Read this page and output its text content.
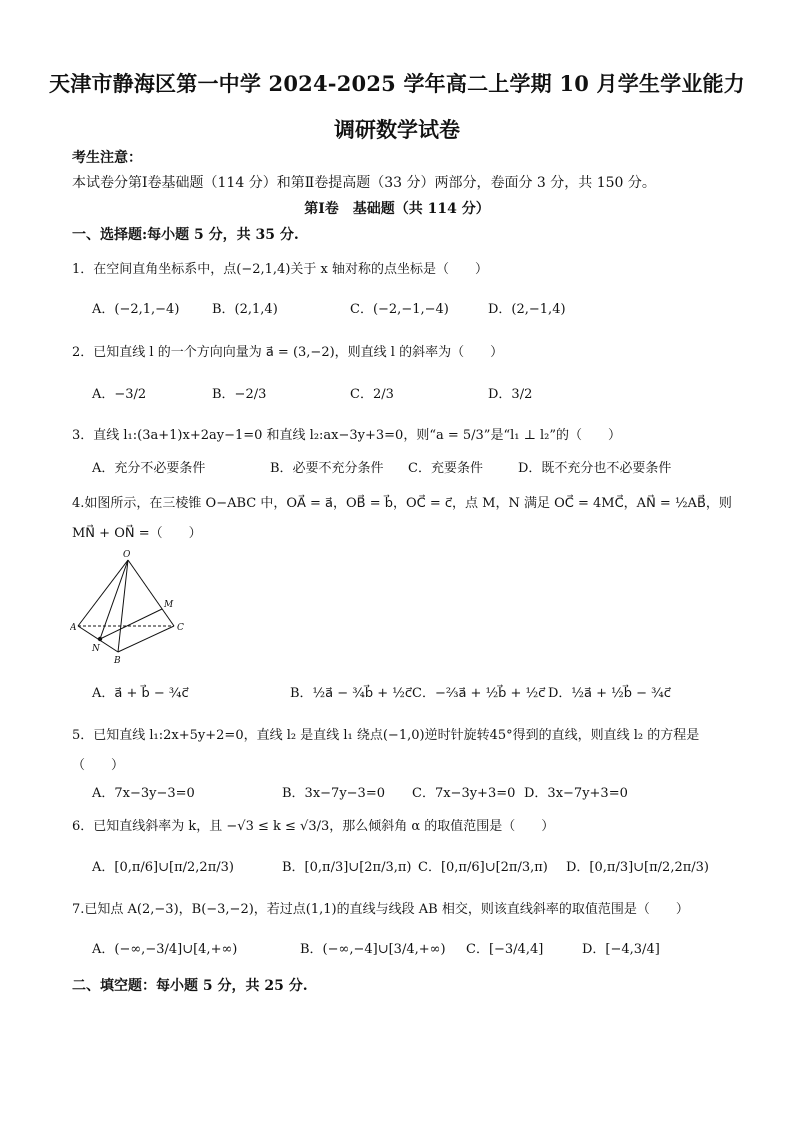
天津市静海区第一中学 2024-2025 学年高二上学期 10 月学生学业能力
调研数学试卷
考生注意：
本试卷分第Ⅰ卷基础题（114 分）和第Ⅱ卷提高题（33 分）两部分，卷面分 3 分，共 150 分。
第Ⅰ卷　基础题（共 114 分）
一、选择题:每小题 5 分，共 35 分.
1．在空间直角坐标系中，点(−2,1,4)关于 x 轴对称的点坐标是（　　）
A．(−2,1,−4)	B．(2,1,4)	C．(−2,−1,−4)	D．(2,−1,4)
2．已知直线 l 的一个方向向量为 a⃗ = (3,−2)，则直线 l 的斜率为（　　）
A．−3/2	B．−2/3	C．2/3	D．3/2
3．直线 l₁:(3a+1)x+2ay−1=0 和直线 l₂:ax−3y+3=0，则“a = 5/3”是“l₁ ⊥ l₂”的（　　）
A．充分不必要条件	B．必要不充分条件 C．充要条件	D．既不充分也不必要条件
4.如图所示，在三棱锥 O−ABC 中，OA⃗ = a⃗，OB⃗ = b⃗，OC⃗ = c⃗，点 M，N 满足 OC⃗ = 4MC⃗，AN⃗ = ½AB⃗，则
MN⃗ + ON⃗ =（　　）
O
A
B
C
M
N
A．a⃗ + b⃗ − ¾c⃗	B．½a⃗ − ¾b⃗ + ½c⃗ C．−⅔a⃗ + ½b⃗ + ½c⃗ D．½a⃗ + ½b⃗ − ¾c⃗
5．已知直线 l₁:2x+5y+2=0，直线 l₂ 是直线 l₁ 绕点(−1,0)逆时针旋转45°得到的直线，则直线 l₂ 的方程是
（　　）
A．7x−3y−3=0	B．3x−7y−3=0 C．7x−3y+3=0 D．3x−7y+3=0
6．已知直线斜率为 k，且 −√3 ≤ k ≤ √3/3，那么倾斜角 α 的取值范围是（　　）
A．[0,π/6]∪[π/2,2π/3)	B．[0,π/3]∪[2π/3,π) C．[0,π/6]∪[2π/3,π) D．[0,π/3]∪[π/2,2π/3)
7.已知点 A(2,−3)，B(−3,−2)，若过点(1,1)的直线与线段 AB 相交，则该直线斜率的取值范围是（　　）
A．(−∞,−3/4]∪[4,+∞)	B．(−∞,−4]∪[3/4,+∞) C．[−3/4,4]	D．[−4,3/4]
二、填空题：每小题 5 分，共 25 分.
